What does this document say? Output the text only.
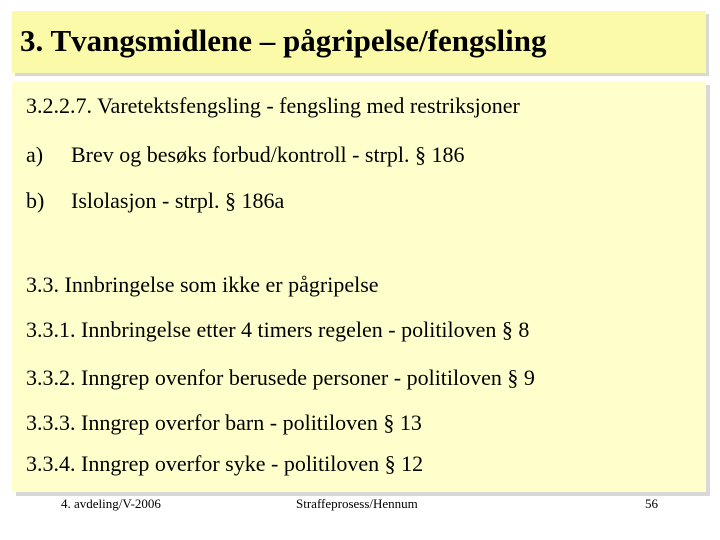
3. Tvangsmidlene – pågripelse/fengsling
3.2.2.7. Varetektsfengsling - fengsling med restriksjoner
a) Brev og besøks forbud/kontroll - strpl. § 186
b) Islolasjon - strpl. § 186a
3.3. Innbringelse som ikke er pågripelse
3.3.1. Innbringelse etter 4 timers regelen - politiloven § 8
3.3.2. Inngrep ovenfor berusede personer - politiloven § 9
3.3.3. Inngrep overfor barn - politiloven § 13
3.3.4. Inngrep overfor syke - politiloven § 12
4. avdeling/V-2006	Straffeprosess/Hennum	56
